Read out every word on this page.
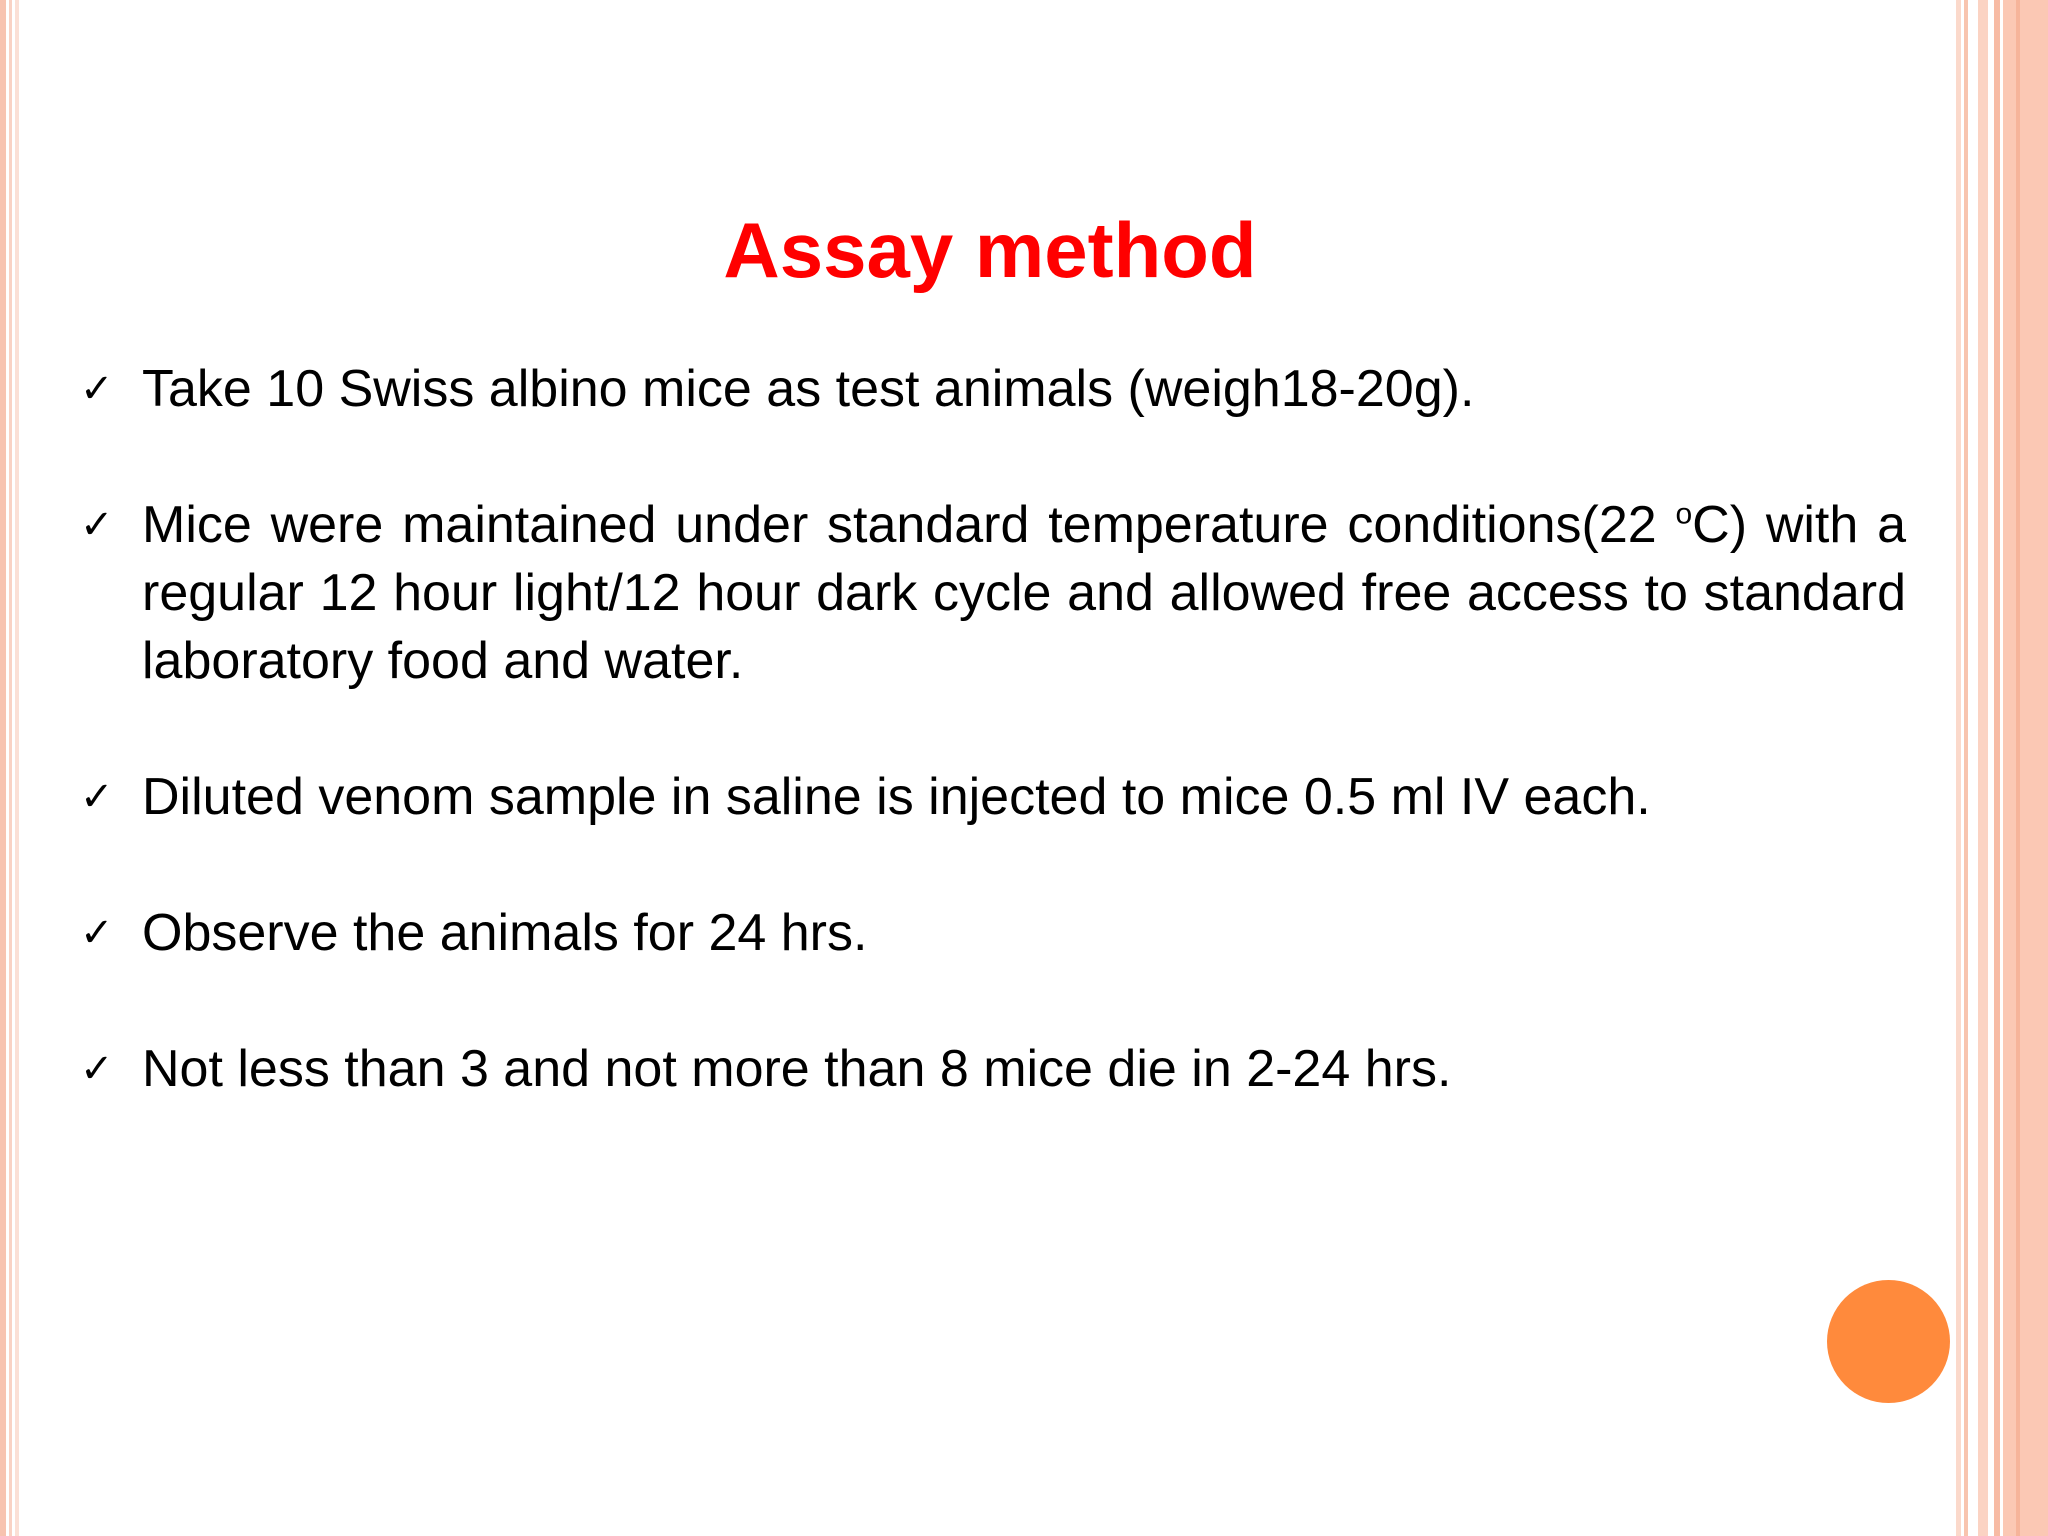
Assay method
✓ Take 10 Swiss albino mice as test animals (weigh18-20g).
✓ Mice were maintained under standard temperature conditions(22 $^o$C) with a regular 12 hour light/12 hour dark cycle and allowed free access to standard laboratory food and water.
✓ Diluted venom sample in saline is injected to mice 0.5 ml IV each.
✓ Observe the animals for 24 hrs.
✓ Not less than 3 and not more than 8 mice die in 2-24 hrs.
